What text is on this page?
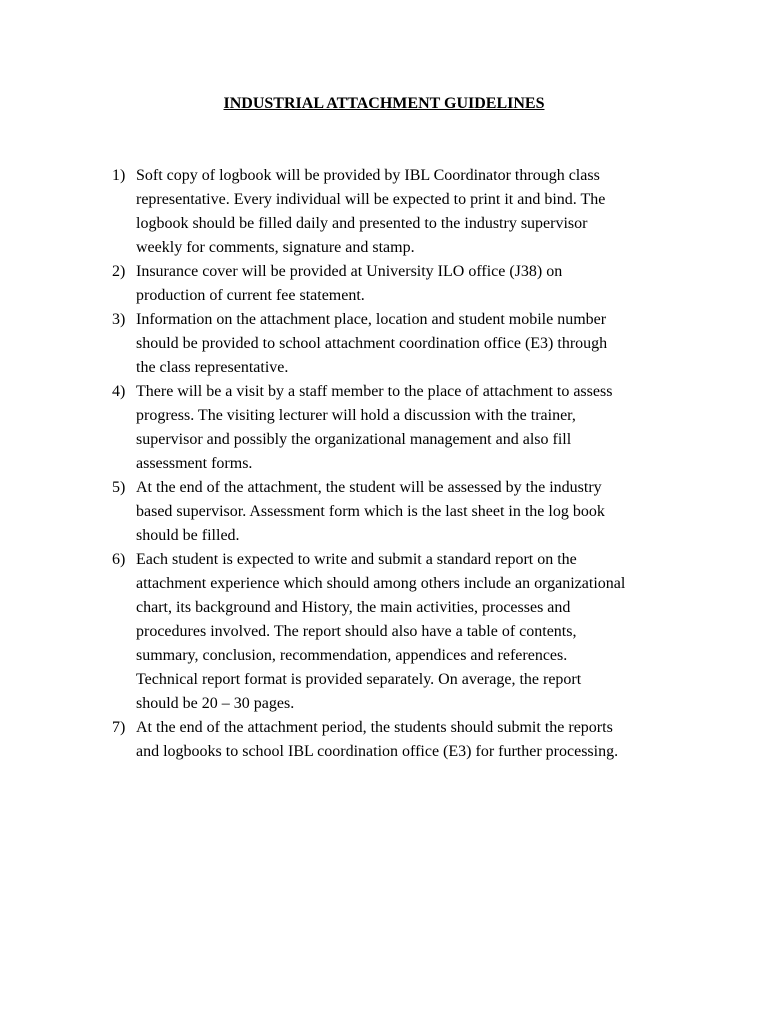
INDUSTRIAL ATTACHMENT GUIDELINES
1) Soft copy of logbook will be provided by IBL Coordinator through class
representative. Every individual will be expected to print it and bind. The
logbook should be filled daily and presented to the industry supervisor
weekly for comments, signature and stamp.
2) Insurance cover will be provided at University ILO office (J38) on
production of current fee statement.
3) Information on the attachment place, location and student mobile number
should be provided to school attachment coordination office (E3) through
the class representative.
4) There will be a visit by a staff member to the place of attachment to assess
progress. The visiting lecturer will hold a discussion with the trainer,
supervisor and possibly the organizational management and also fill
assessment forms.
5) At the end of the attachment, the student will be assessed by the industry
based supervisor. Assessment form which is the last sheet in the log book
should be filled.
6) Each student is expected to write and submit a standard report on the
attachment experience which should among others include an organizational
chart, its background and History, the main activities, processes and
procedures involved. The report should also have a table of contents,
summary, conclusion, recommendation, appendices and references.
Technical report format is provided separately. On average, the report
should be 20 – 30 pages.
7) At the end of the attachment period, the students should submit the reports
and logbooks to school IBL coordination office (E3) for further processing.
